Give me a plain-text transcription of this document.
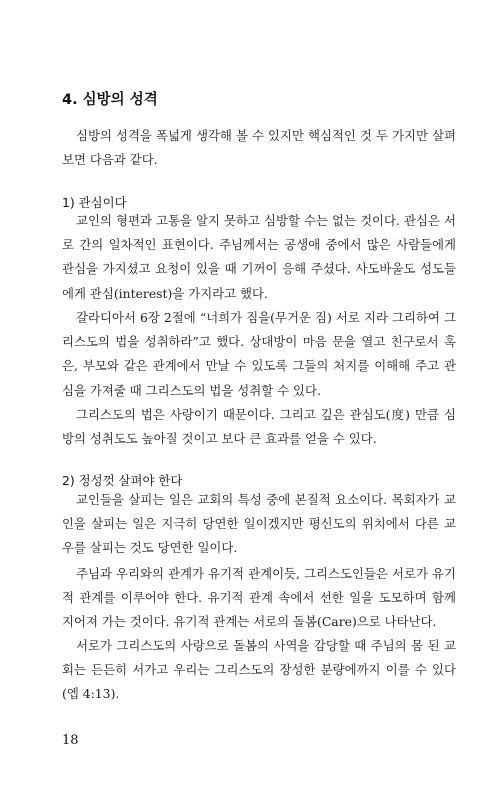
4. 심방의 성격

심방의 성격을 폭넓게 생각해 볼 수 있지만 핵심적인 것 두 가지만 살펴보면 다음과 같다.

1) 관심이다

교인의 형편과 고통을 알지 못하고 심방할 수는 없는 것이다. 관심은 서로 간의 일차적인 표현이다. 주님께서는 공생애 중에서 많은 사람들에게 관심을 가지셨고 요청이 있을 때 기꺼이 응해 주셨다. 사도바울도 성도들에게 관심(interest)을 가지라고 했다.

갈라디아서 6장 2절에 “너희가 짐을(무거운 짐) 서로 지라 그리하여 그리스도의 법을 성취하라”고 했다. 상대방이 마음 문을 열고 친구로서 혹은, 부모와 같은 관계에서 만날 수 있도록 그들의 처지를 이해해 주고 관심을 가져줄 때 그리스도의 법을 성취할 수 있다.

그리스도의 법은 사랑이기 때문이다. 그리고 깊은 관심도(度) 만큼 심방의 성취도도 높아질 것이고 보다 큰 효과를 얻을 수 있다.

2) 정성껏 살펴야 한다

교인들을 살피는 일은 교회의 특성 중에 본질적 요소이다. 목회자가 교인을 살피는 일은 지극히 당연한 일이겠지만 평신도의 위치에서 다른 교우를 살피는 것도 당연한 일이다.

주님과 우리와의 관계가 유기적 관계이듯, 그리스도인들은 서로가 유기적 관계를 이루어야 한다. 유기적 관계 속에서 선한 일을 도모하며 함께 지어져 가는 것이다. 유기적 관계는 서로의 돌봄(Care)으로 나타난다.

서로가 그리스도의 사랑으로 돌봄의 사역을 감당할 때 주님의 몸 된 교회는 든든히 서가고 우리는 그리스도의 장성한 분량에까지 이를 수 있다(엡 4:13).

18
